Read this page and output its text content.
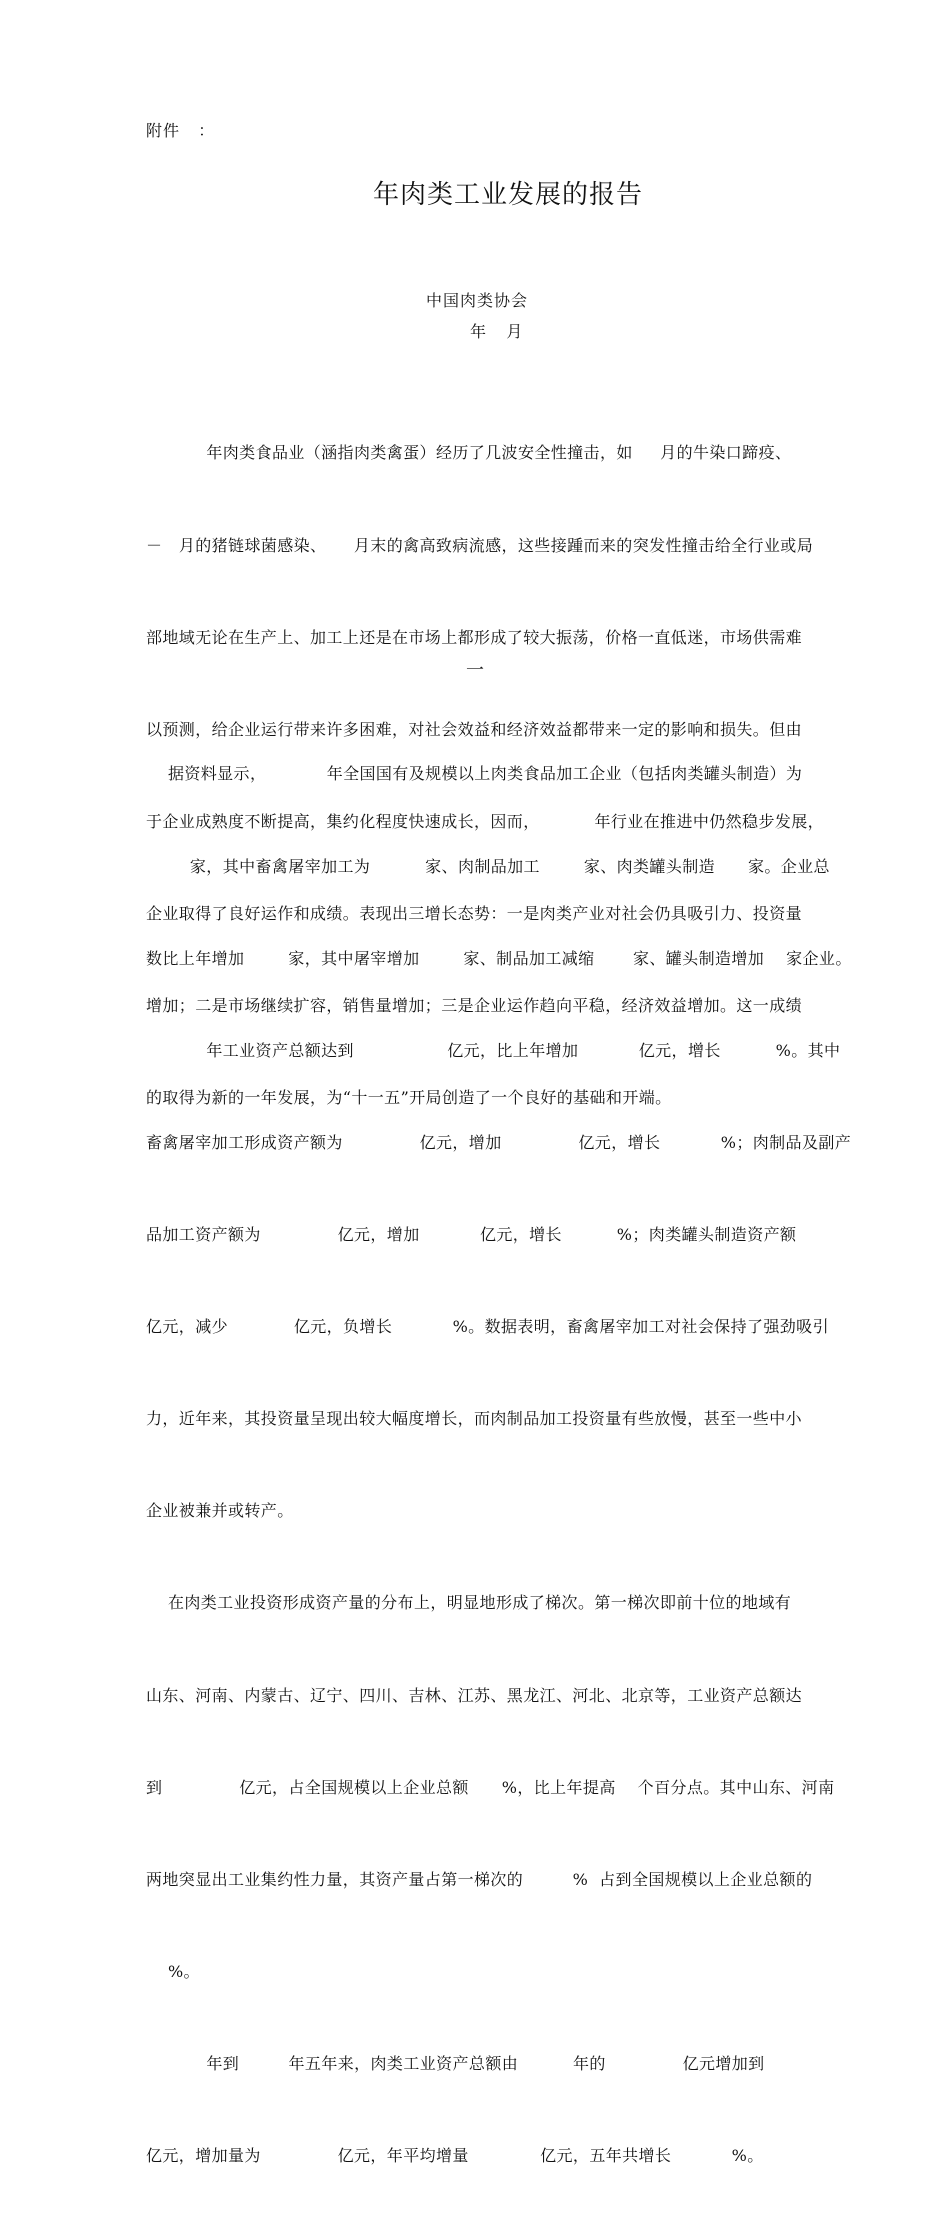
附件   ：
年肉类工业发展的报告
中国肉类协会
年    月

年肉类食品业（涵指肉类禽蛋）经历了几波安全性撞击，如     月的牛染口蹄疫、

－   月的猪链球菌感染、     月末的禽高致病流感，这些接踵而来的突发性撞击给全行业或局

部地域无论在生产上、加工上还是在市场上都形成了较大振荡，价格一直低迷，市场供需难

以预测，给企业运行带来许多困难，对社会效益和经济效益都带来一定的影响和损失。但由

于企业成熟度不断提高，集约化程度快速成长，因而，          年行业在推进中仍然稳步发展，

企业取得了良好运作和成绩。表现出三增长态势：一是肉类产业对社会仍具吸引力、投资量

增加；二是市场继续扩容，销售量增加；三是企业运作趋向平稳，经济效益增加。这一成绩

的取得为新的一年发展，为“十一五”开局创造了一个良好的基础和开端。

一

据资料显示，           年全国国有及规模以上肉类食品加工企业（包括肉类罐头制造）为

家，其中畜禽屠宰加工为          家、肉制品加工        家、肉类罐头制造      家。企业总

数比上年增加        家，其中屠宰增加        家、制品加工减缩       家、罐头制造增加    家企业。

年工业资产总额达到                 亿元，比上年增加           亿元，增长          %。其中

畜禽屠宰加工形成资产额为              亿元，增加              亿元，增长           %；肉制品及副产

品加工资产额为              亿元，增加           亿元，增长          %；肉类罐头制造资产额

亿元，减少            亿元，负增长           %。数据表明，畜禽屠宰加工对社会保持了强劲吸引

力，近年来，其投资量呈现出较大幅度增长，而肉制品加工投资量有些放慢，甚至一些中小

企业被兼并或转产。

在肉类工业投资形成资产量的分布上，明显地形成了梯次。第一梯次即前十位的地域有

山东、河南、内蒙古、辽宁、四川、吉林、江苏、黑龙江、河北、北京等，工业资产总额达

到              亿元，占全国规模以上企业总额      %，比上年提高    个百分点。其中山东、河南

两地突显出工业集约性力量，其资产量占第一梯次的         %  占到全国规模以上企业总额的

%。

年到         年五年来，肉类工业资产总额由          年的              亿元增加到

亿元，增加量为              亿元，年平均增量             亿元，五年共增长           %。
